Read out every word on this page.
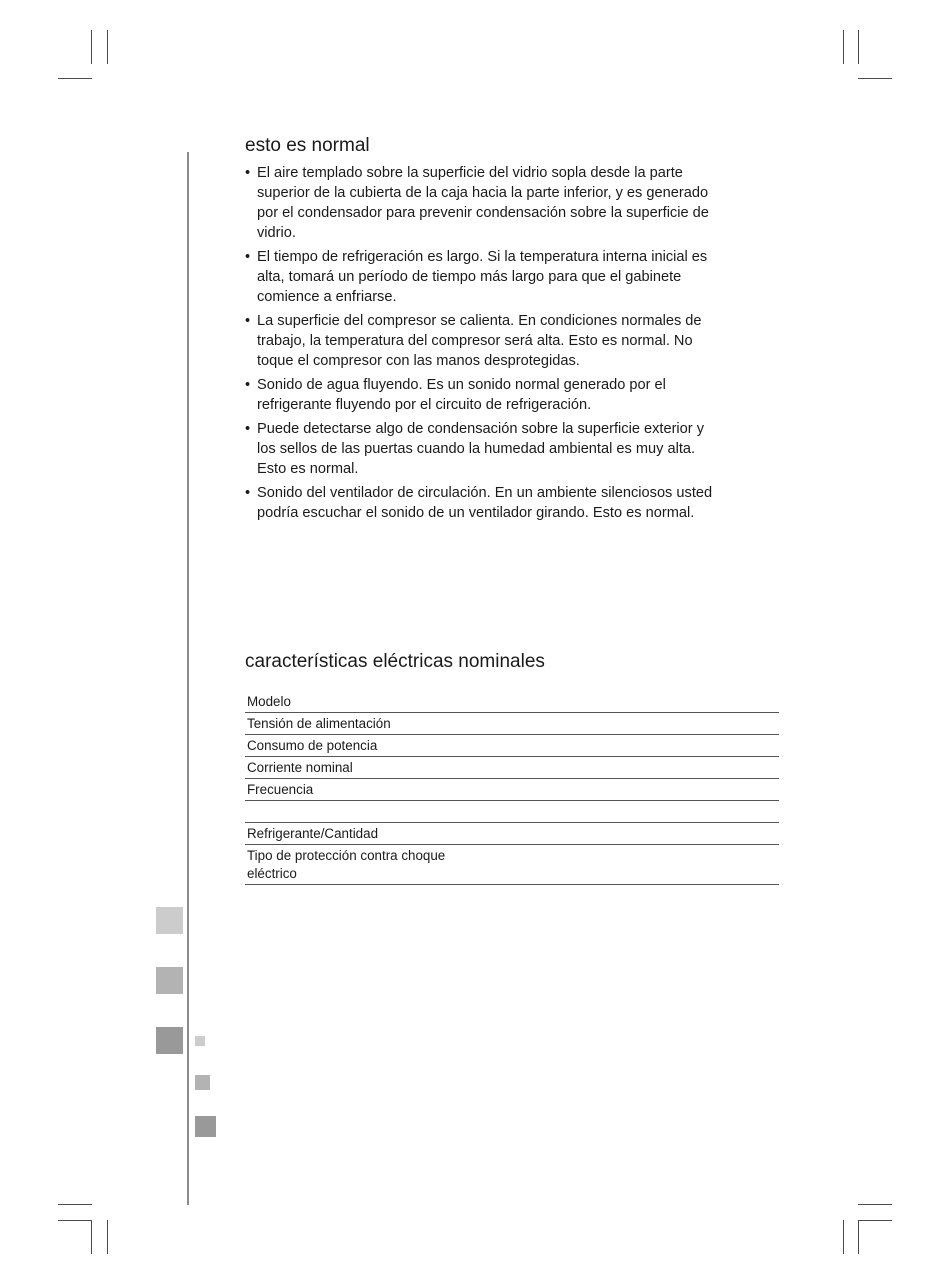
esto es normal
• El aire templado sobre la superficie del vidrio sopla desde la parte superior de la cubierta de la caja hacia la parte inferior, y es generado por el condensador para prevenir condensación sobre la superficie de vidrio.
• El tiempo de refrigeración es largo. Si la temperatura interna inicial es alta, tomará un período de tiempo más largo para que el gabinete comience a enfriarse.
• La superficie del compresor se calienta. En condiciones normales de trabajo, la temperatura del compresor será alta. Esto es normal. No toque el compresor con las manos desprotegidas.
• Sonido de agua fluyendo. Es un sonido normal generado por el refrigerante fluyendo por el circuito de refrigeración.
• Puede detectarse algo de condensación sobre la superficie exterior y los sellos de las puertas cuando la humedad ambiental es muy alta. Esto es normal.
• Sonido del ventilador de circulación. En un ambiente silenciosos usted podría escuchar el sonido de un ventilador girando. Esto es normal.
características eléctricas nominales
Modelo	
Tensión de alimentación	
Consumo de potencia	
Corriente nominal	
Frecuencia	

Refrigerante/Cantidad	
Tipo de protección contra choque eléctrico	
